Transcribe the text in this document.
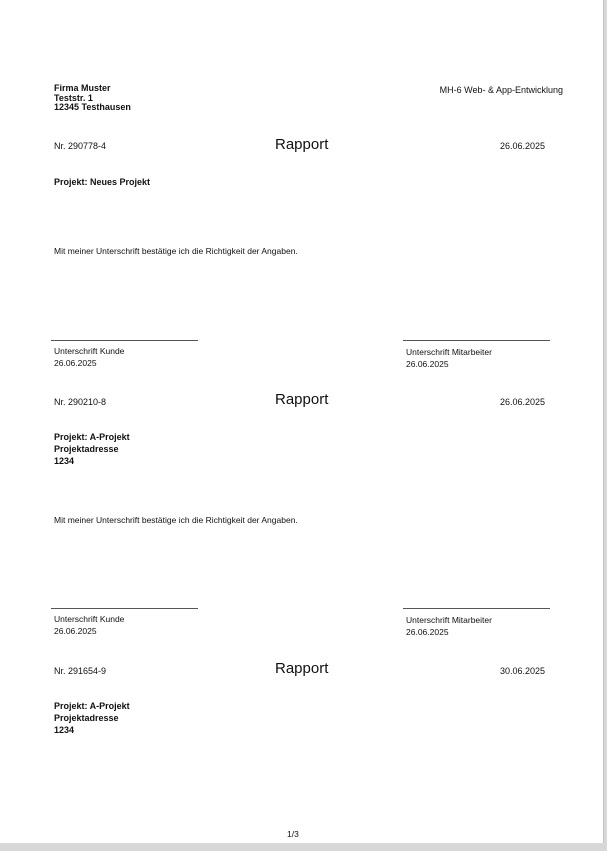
Firma Muster
Teststr. 1
12345 Testhausen
MH-6 Web- & App-Entwicklung
Nr. 290778-4	Rapport	26.06.2025
Projekt: Neues Projekt
Mit meiner Unterschrift bestätige ich die Richtigkeit der Angaben.
Unterschrift Kunde
26.06.2025
Unterschrift Mitarbeiter
26.06.2025
Nr. 290210-8	Rapport	26.06.2025
Projekt: A-Projekt
Projektadresse
1234
Mit meiner Unterschrift bestätige ich die Richtigkeit der Angaben.
Unterschrift Kunde
26.06.2025
Unterschrift Mitarbeiter
26.06.2025
Nr. 291654-9	Rapport	30.06.2025
Projekt: A-Projekt
Projektadresse
1234
1/3
